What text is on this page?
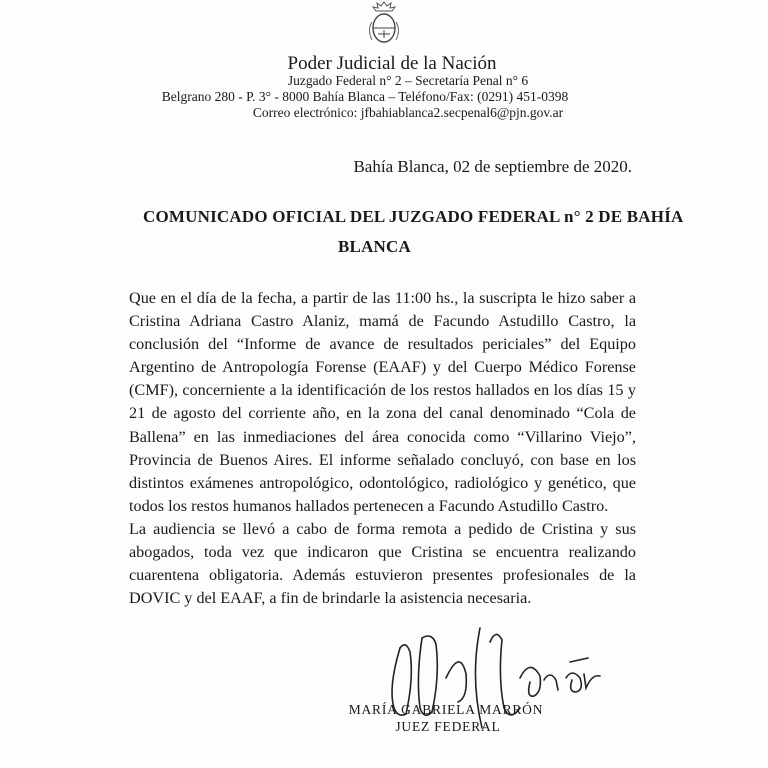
Poder Judicial de la Nación
Juzgado Federal n° 2 – Secretaría Penal n° 6
Belgrano 280 - P. 3° - 8000 Bahía Blanca – Teléfono/Fax: (0291) 451-0398
Correo electrónico: jfbahiablanca2.secpenal6@pjn.gov.ar
Bahía Blanca, 02 de septiembre de 2020.
COMUNICADO OFICIAL DEL JUZGADO FEDERAL n° 2 DE BAHÍA
BLANCA

Que en el día de la fecha, a partir de las 11:00 hs., la suscripta le hizo saber a Cristina Adriana Castro Alaniz, mamá de Facundo Astudillo Castro, la conclusión del “Informe de avance de resultados periciales” del Equipo Argentino de Antropología Forense (EAAF) y del Cuerpo Médico Forense (CMF), concerniente a la identificación de los restos hallados en los días 15 y 21 de agosto del corriente año, en la zona del canal denominado “Cola de Ballena” en las inmediaciones del área conocida como “Villarino Viejo”, Provincia de Buenos Aires. El informe señalado concluyó, con base en los distintos exámenes antropológico, odontológico, radiológico y genético, que todos los restos humanos hallados pertenecen a Facundo Astudillo Castro.

La audiencia se llevó a cabo de forma remota a pedido de Cristina y sus abogados, toda vez que indicaron que Cristina se encuentra realizando cuarentena obligatoria. Además estuvieron presentes profesionales de la DOVIC y del EAAF, a fin de brindarle la asistencia necesaria.

MARÍA GABRIELA MARRÓN
JUEZ FEDERAL
